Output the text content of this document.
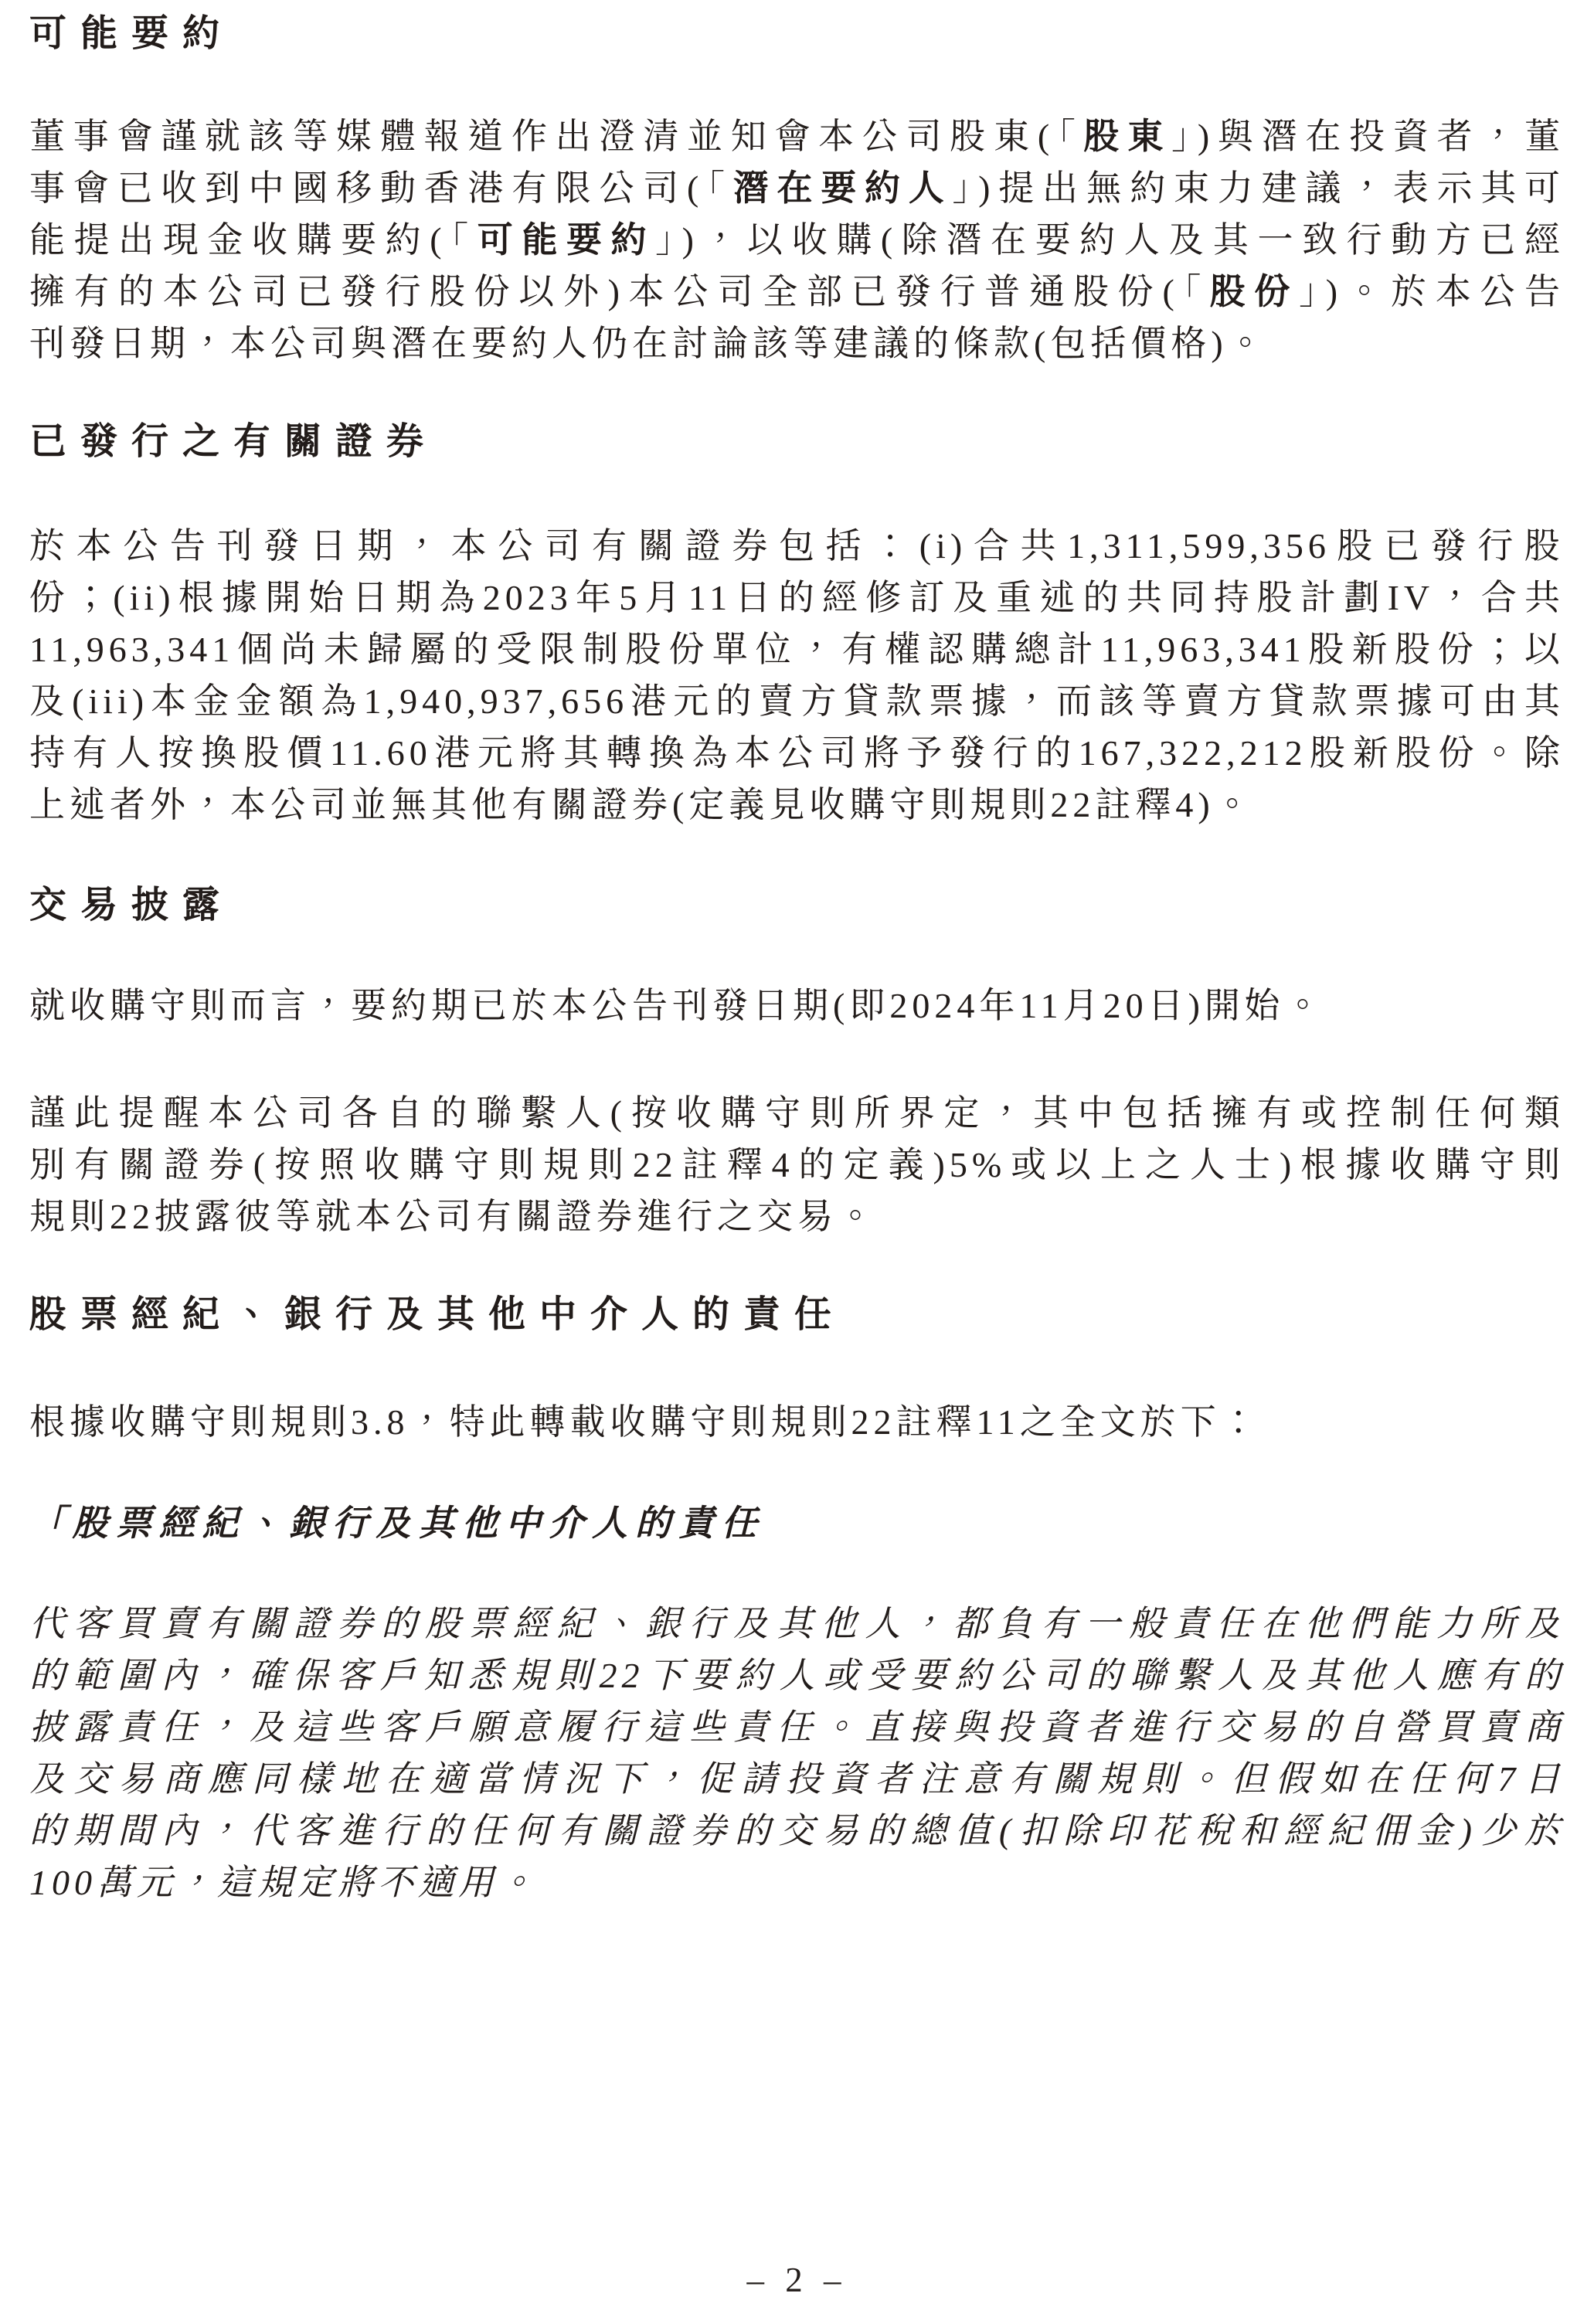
可能要約
董事會謹就該等媒體報道作出澄清並知會本公司股東(「股東」)與潛在投資者，董
事會已收到中國移動香港有限公司(「潛在要約人」)提出無約束力建議，表示其可
能提出現金收購要約(「可能要約」)，以收購(除潛在要約人及其一致行動方已經
擁有的本公司已發行股份以外)本公司全部已發行普通股份(「股份」)。於本公告
刊發日期，本公司與潛在要約人仍在討論該等建議的條款(包括價格)。
已發行之有關證券
於本公告刊發日期，本公司有關證券包括：(i)合共1,311,599,356股已發行股
份；(ii)根據開始日期為2023年5月11日的經修訂及重述的共同持股計劃IV，合共
11,963,341個尚未歸屬的受限制股份單位，有權認購總計11,963,341股新股份；以
及(iii)本金金額為1,940,937,656港元的賣方貸款票據，而該等賣方貸款票據可由其
持有人按換股價11.60港元將其轉換為本公司將予發行的167,322,212股新股份。除
上述者外，本公司並無其他有關證券(定義見收購守則規則22註釋4)。
交易披露
就收購守則而言，要約期已於本公告刊發日期(即2024年11月20日)開始。
謹此提醒本公司各自的聯繫人(按收購守則所界定，其中包括擁有或控制任何類
別有關證券(按照收購守則規則22註釋4的定義)5%或以上之人士)根據收購守則
規則22披露彼等就本公司有關證券進行之交易。
股票經紀、銀行及其他中介人的責任
根據收購守則規則3.8，特此轉載收購守則規則22註釋11之全文於下：
「股票經紀、銀行及其他中介人的責任
代客買賣有關證券的股票經紀、銀行及其他人，都負有一般責任在他們能力所及
的範圍內，確保客戶知悉規則22下要約人或受要約公司的聯繫人及其他人應有的
披露責任，及這些客戶願意履行這些責任。直接與投資者進行交易的自營買賣商
及交易商應同樣地在適當情況下，促請投資者注意有關規則。但假如在任何7日
的期間內，代客進行的任何有關證券的交易的總值(扣除印花稅和經紀佣金)少於
100萬元，這規定將不適用。
– 2 –
